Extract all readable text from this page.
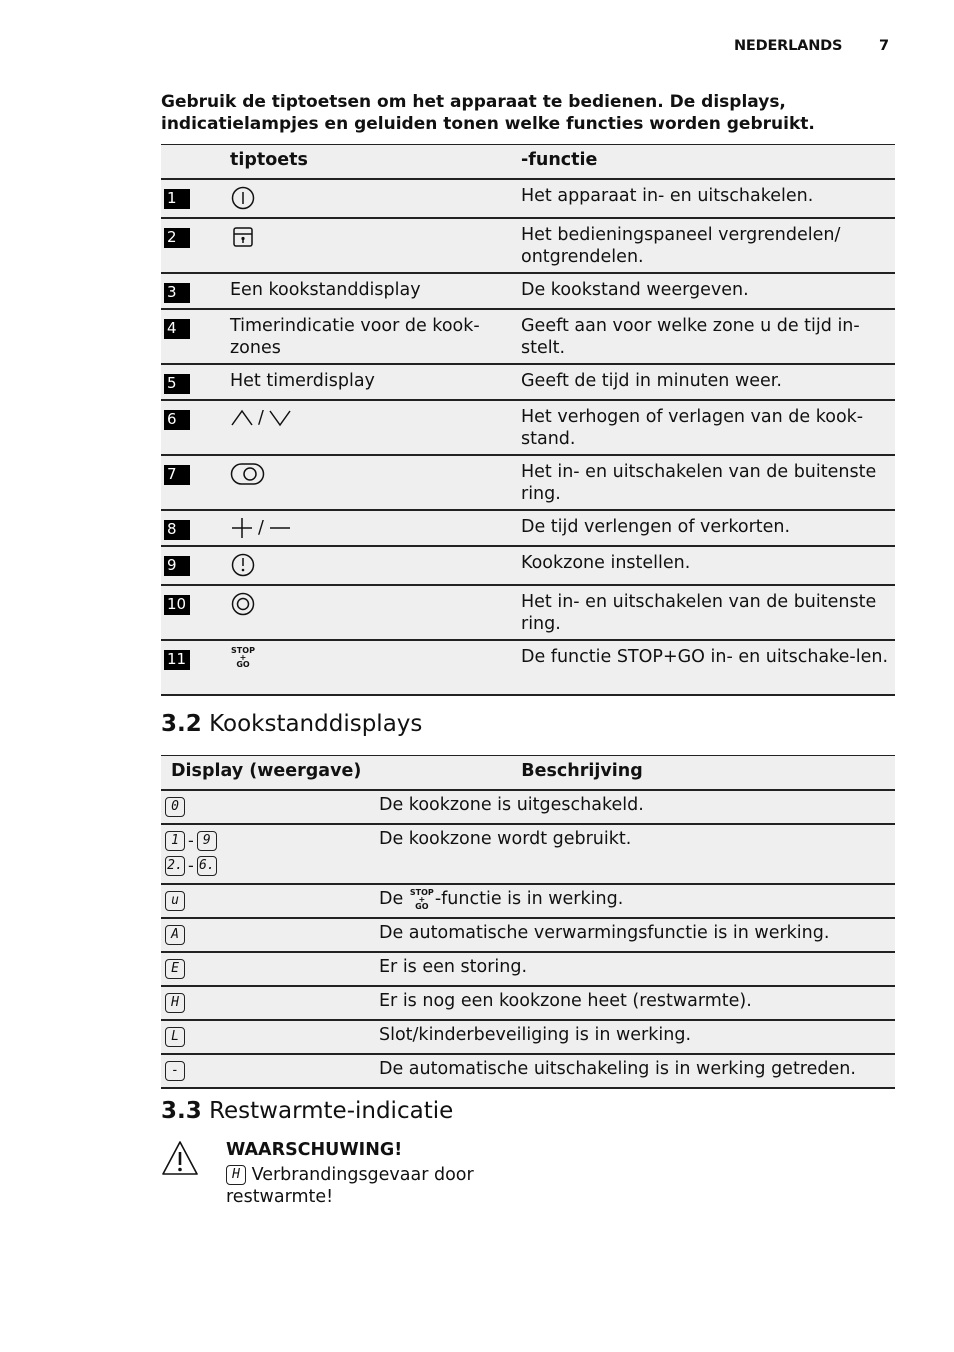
NEDERLANDS	7
Gebruik de tiptoetsen om het apparaat te bedienen. De displays, indicatielampjes en geluiden tonen welke functies worden gebruikt.
	tiptoets	-functie
1		Het apparaat in- en uitschakelen.
2		Het bedieningspaneel vergrendelen/ ontgrendelen.
3	Een kookstanddisplay	De kookstand weergeven.
4	Timerindicatie voor de kook-zones	Geeft aan voor welke zone u de tijd in-stelt.
5	Het timerdisplay	Geeft de tijd in minuten weer.
6	/	Het verhogen of verlagen van de kook-stand.
7		Het in- en uitschakelen van de buitenste ring.
8	/	De tijd verlengen of verkorten.
9		Kookzone instellen.
10		Het in- en uitschakelen van de buitenste ring.
11	STOP
+
GO	De functie STOP+GO in- en uitschake-len.
3.2 Kookstanddisplays
Display (weergave)	Beschrijving
0	De kookzone is uitgeschakeld.

1 - 9
2. - 6.	De kookzone wordt gebruikt.
u	De STOP
+
GO -functie is in werking.
A	De automatische verwarmingsfunctie is in werking.
E	Er is een storing.
H	Er is nog een kookzone heet (restwarmte).
L	Slot/kinderbeveiliging is in werking.
-	De automatische uitschakeling is in werking getreden.
3.3 Restwarmte-indicatie
WAARSCHUWING!
H Verbrandingsgevaar door restwarmte!
